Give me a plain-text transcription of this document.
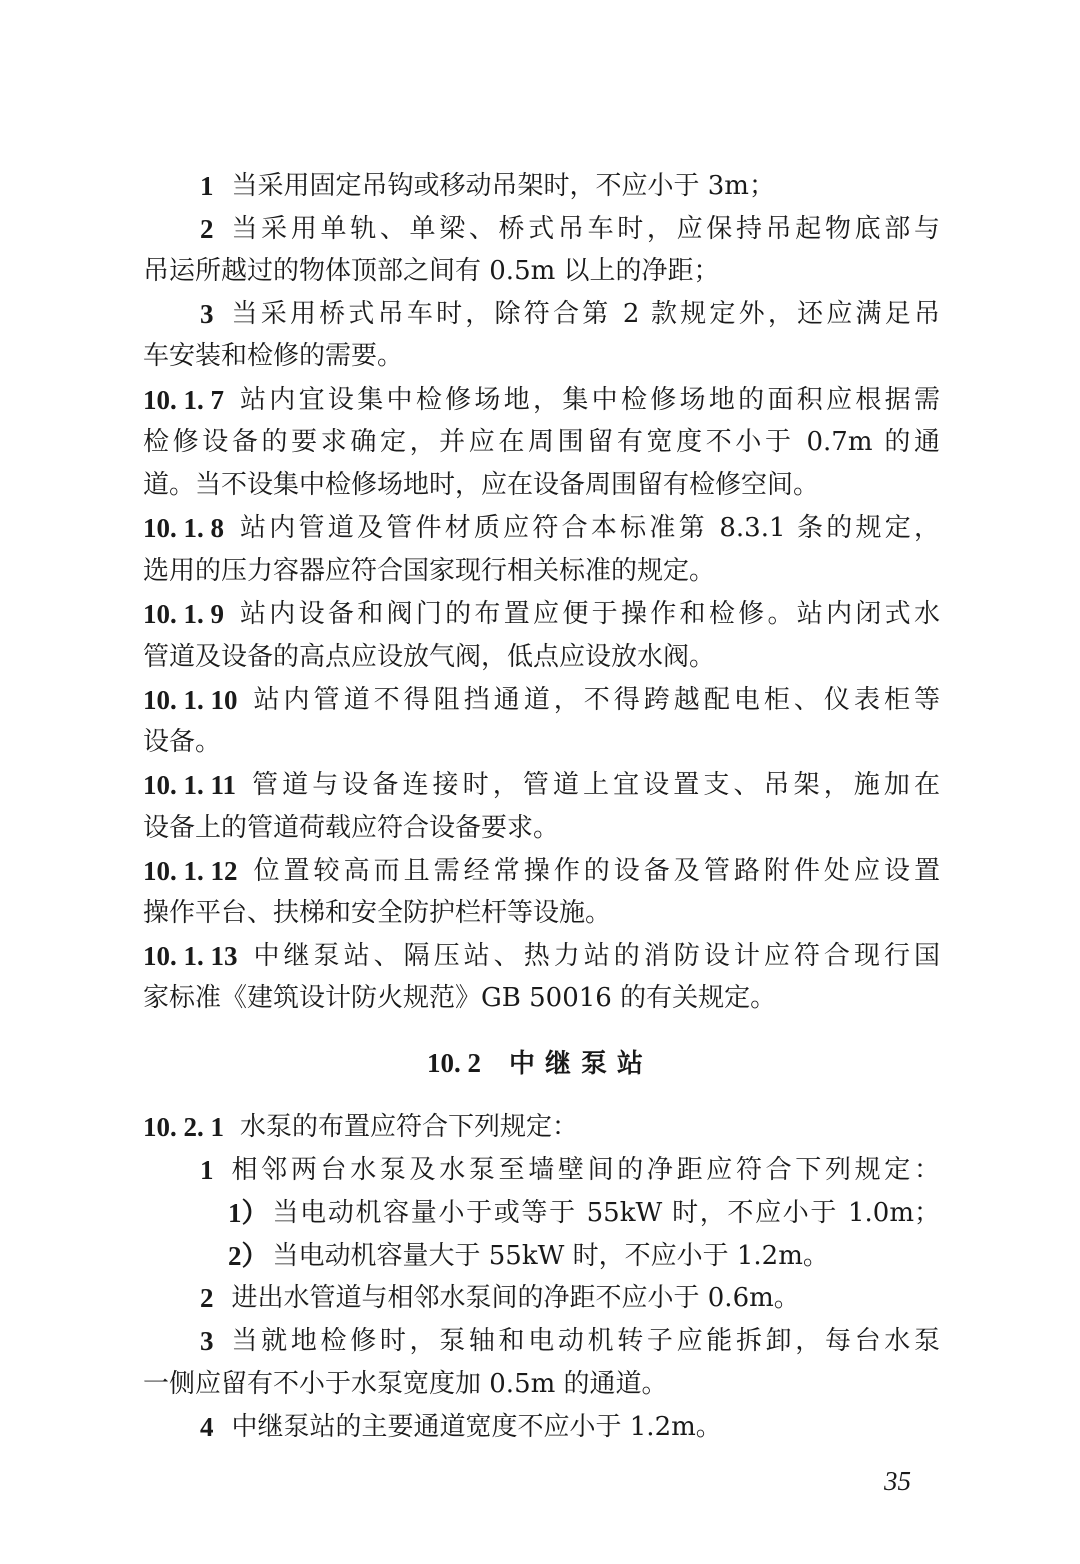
10. 2 中继泵站
35
1 当采用固定吊钩或移动吊架时，不应小于 3m；
2 当采用单轨、单梁、桥式吊车时，应保持吊起物底部与
吊运所越过的物体顶部之间有 0.5m 以上的净距；
3 当采用桥式吊车时，除符合第 2 款规定外，还应满足吊
车安装和检修的需要。
10. 1. 7 站内宜设集中检修场地，集中检修场地的面积应根据需
检修设备的要求确定，并应在周围留有宽度不小于 0.7m 的通
道。当不设集中检修场地时，应在设备周围留有检修空间。
10. 1. 8 站内管道及管件材质应符合本标准第 8.3.1 条的规定，
选用的压力容器应符合国家现行相关标准的规定。
10. 1. 9 站内设备和阀门的布置应便于操作和检修。站内闭式水
管道及设备的高点应设放气阀，低点应设放水阀。
10. 1. 10 站内管道不得阻挡通道，不得跨越配电柜、仪表柜等
设备。
10. 1. 11 管道与设备连接时，管道上宜设置支、吊架，施加在
设备上的管道荷载应符合设备要求。
10. 1. 12 位置较高而且需经常操作的设备及管路附件处应设置
操作平台、扶梯和安全防护栏杆等设施。
10. 1. 13 中继泵站、隔压站、热力站的消防设计应符合现行国
家标准《建筑设计防火规范》GB 50016 的有关规定。
10. 2. 1 水泵的布置应符合下列规定：
1 相邻两台水泵及水泵至墙壁间的净距应符合下列规定：
1） 当电动机容量小于或等于 55kW 时，不应小于 1.0m；
2） 当电动机容量大于 55kW 时，不应小于 1.2m。
2 进出水管道与相邻水泵间的净距不应小于 0.6m。
3 当就地检修时，泵轴和电动机转子应能拆卸，每台水泵
一侧应留有不小于水泵宽度加 0.5m 的通道。
4 中继泵站的主要通道宽度不应小于 1.2m。
